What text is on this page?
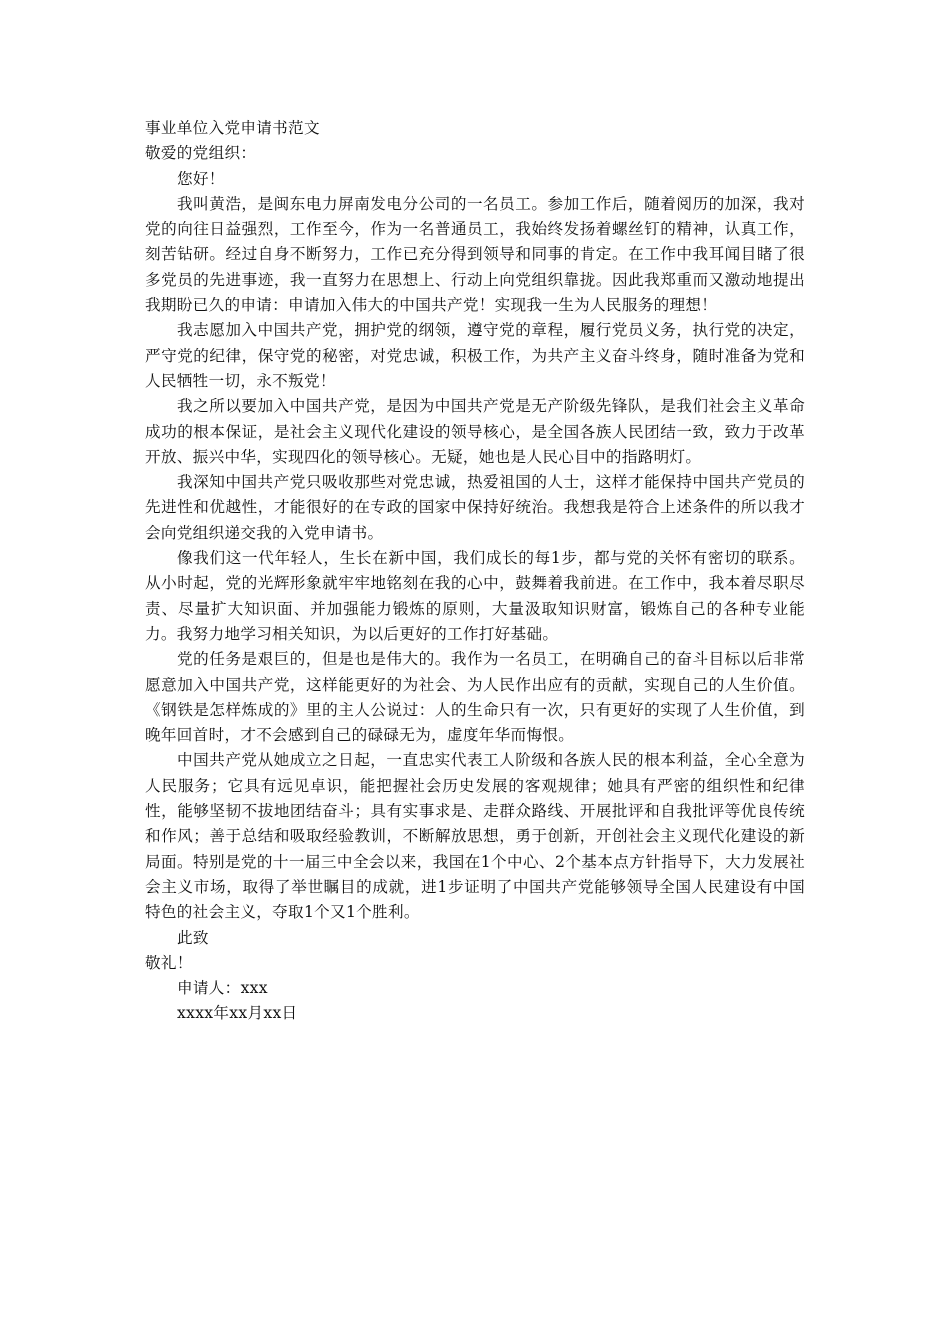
事业单位入党申请书范文

敬爱的党组织：

您好！

我叫黄浩，是闽东电力屏南发电分公司的一名员工。参加工作后，随着阅历的加深，我对党的向往日益强烈，工作至今，作为一名普通员工，我始终发扬着螺丝钉的精神，认真工作，刻苦钻研。经过自身不断努力，工作已充分得到领导和同事的肯定。在工作中我耳闻目睹了很多党员的先进事迹，我一直努力在思想上、行动上向党组织靠拢。因此我郑重而又激动地提出我期盼已久的申请：申请加入伟大的中国共产党！实现我一生为人民服务的理想！

我志愿加入中国共产党，拥护党的纲领，遵守党的章程，履行党员义务，执行党的决定，严守党的纪律，保守党的秘密，对党忠诚，积极工作，为共产主义奋斗终身，随时准备为党和人民牺牲一切，永不叛党！

我之所以要加入中国共产党，是因为中国共产党是无产阶级先锋队，是我们社会主义革命成功的根本保证，是社会主义现代化建设的领导核心，是全国各族人民团结一致，致力于改革开放、振兴中华，实现四化的领导核心。无疑，她也是人民心目中的指路明灯。

我深知中国共产党只吸收那些对党忠诚，热爱祖国的人士，这样才能保持中国共产党员的先进性和优越性，才能很好的在专政的国家中保持好统治。我想我是符合上述条件的所以我才会向党组织递交我的入党申请书。

像我们这一代年轻人，生长在新中国，我们成长的每1步，都与党的关怀有密切的联系。从小时起，党的光辉形象就牢牢地铭刻在我的心中，鼓舞着我前进。在工作中，我本着尽职尽责、尽量扩大知识面、并加强能力锻炼的原则，大量汲取知识财富，锻炼自己的各种专业能力。我努力地学习相关知识，为以后更好的工作打好基础。

党的任务是艰巨的，但是也是伟大的。我作为一名员工，在明确自己的奋斗目标以后非常愿意加入中国共产党，这样能更好的为社会、为人民作出应有的贡献，实现自己的人生价值。《钢铁是怎样炼成的》里的主人公说过：人的生命只有一次，只有更好的实现了人生价值，到晚年回首时，才不会感到自己的碌碌无为，虚度年华而悔恨。

中国共产党从她成立之日起，一直忠实代表工人阶级和各族人民的根本利益，全心全意为人民服务；它具有远见卓识，能把握社会历史发展的客观规律；她具有严密的组织性和纪律性，能够坚韧不拔地团结奋斗；具有实事求是、走群众路线、开展批评和自我批评等优良传统和作风；善于总结和吸取经验教训，不断解放思想，勇于创新，开创社会主义现代化建设的新局面。特别是党的十一届三中全会以来，我国在1个中心、2个基本点方针指导下，大力发展社会主义市场，取得了举世瞩目的成就，进1步证明了中国共产党能够领导全国人民建设有中国特色的社会主义，夺取1个又1个胜利。

此致

敬礼！

申请人：xxx

xxxx年xx月xx日
